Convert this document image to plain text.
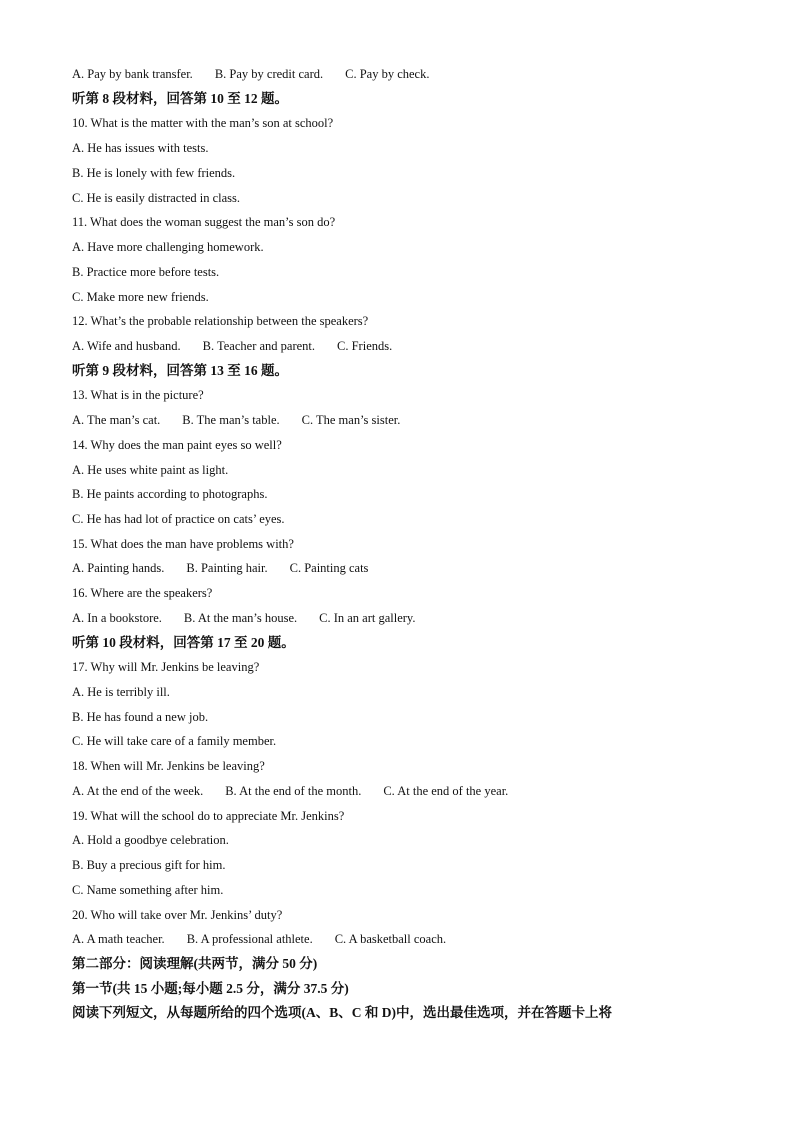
A. Pay by bank transfer. B. Pay by credit card. C. Pay by check.
听第 8 段材料，回答第 10 至 12 题。
10. What is the matter with the man’s son at school?
A. He has issues with tests.
B. He is lonely with few friends.
C. He is easily distracted in class.
11. What does the woman suggest the man’s son do?
A. Have more challenging homework.
B. Practice more before tests.
C. Make more new friends.
12. What’s the probable relationship between the speakers?
A. Wife and husband. B. Teacher and parent. C. Friends.
听第 9 段材料，回答第 13 至 16 题。
13. What is in the picture?
A. The man’s cat. B. The man’s table. C. The man’s sister.
14. Why does the man paint eyes so well?
A. He uses white paint as light.
B. He paints according to photographs.
C. He has had lot of practice on cats’ eyes.
15. What does the man have problems with?
A. Painting hands. B. Painting hair. C. Painting cats
16. Where are the speakers?
A. In a bookstore. B. At the man’s house. C. In an art gallery.
听第 10 段材料，回答第 17 至 20 题。
17. Why will Mr. Jenkins be leaving?
A. He is terribly ill.
B. He has found a new job.
C. He will take care of a family member.
18. When will Mr. Jenkins be leaving?
A. At the end of the week. B. At the end of the month. C. At the end of the year.
19. What will the school do to appreciate Mr. Jenkins?
A. Hold a goodbye celebration.
B. Buy a precious gift for him.
C. Name something after him.
20. Who will take over Mr. Jenkins’ duty?
A. A math teacher. B. A professional athlete. C. A basketball coach.
第二部分：阅读理解(共两节，满分 50 分)
第一节(共 15 小题;每小题 2.5 分，满分 37.5 分)
阅读下列短文，从每题所给的四个选项(A、B、C 和 D)中，选出最佳选项，并在答题卡上将
